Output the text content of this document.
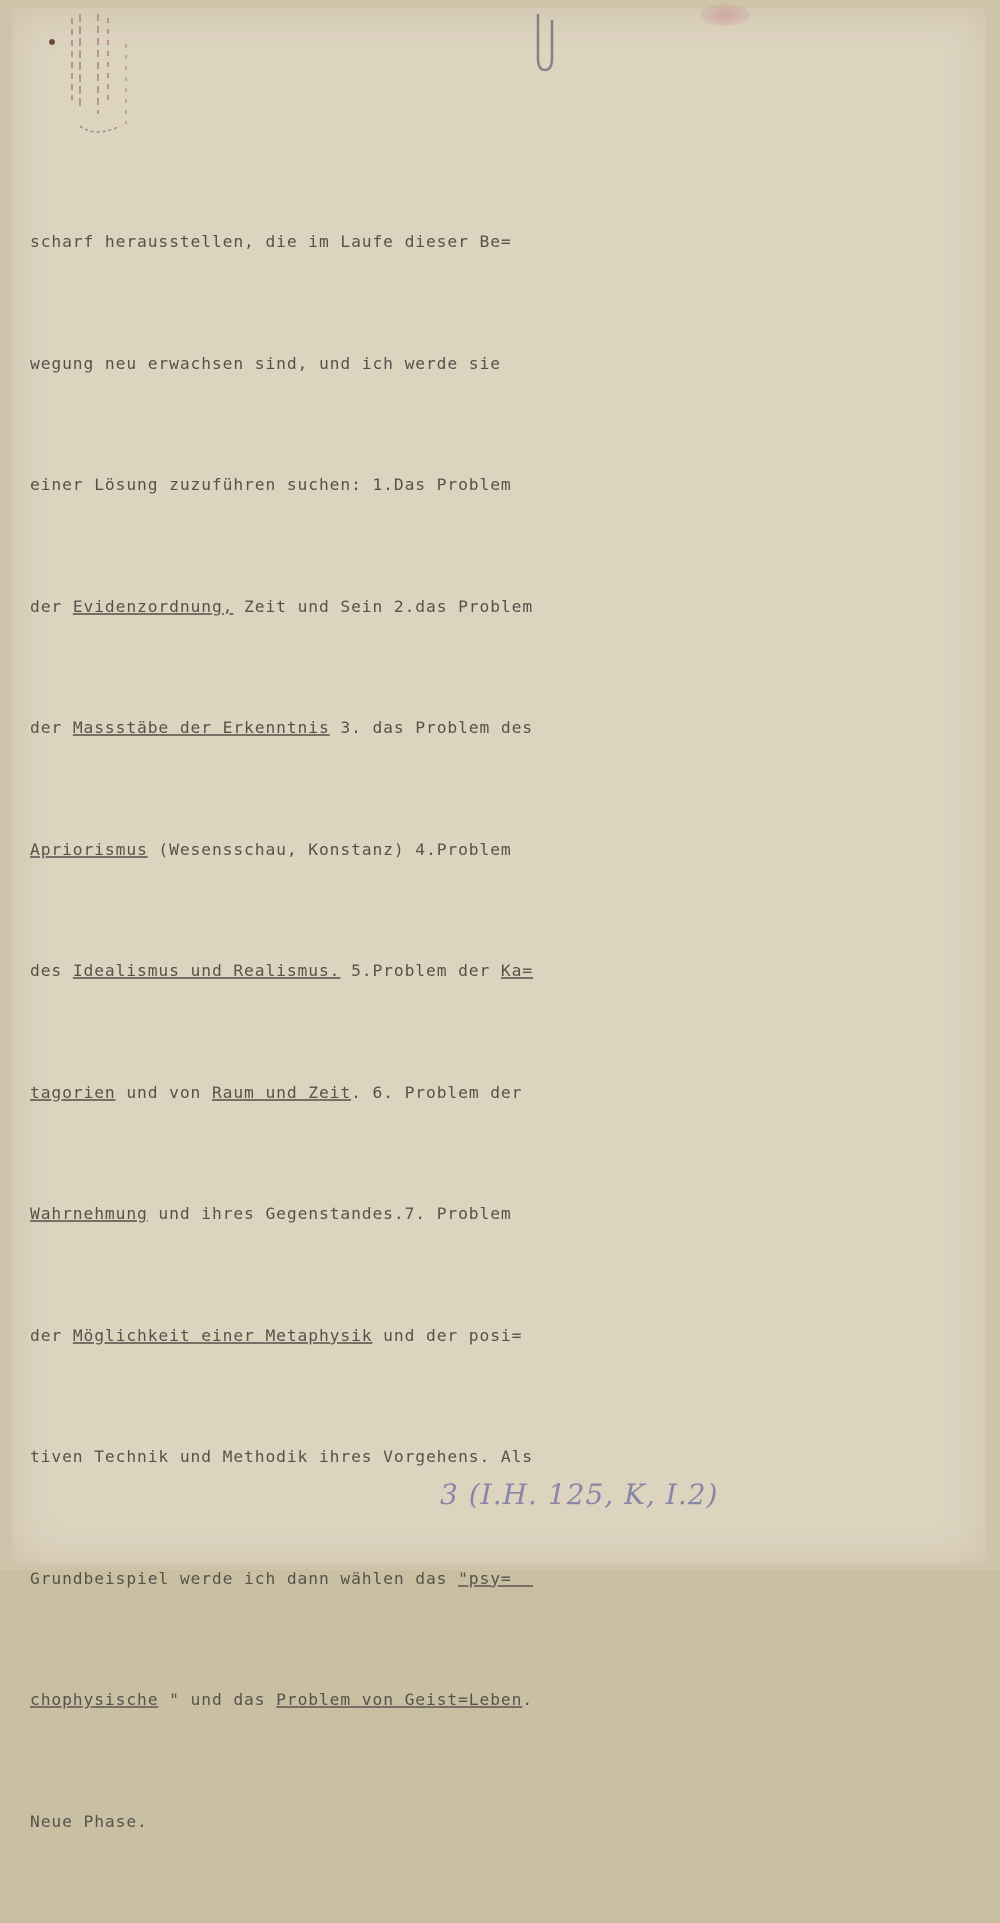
scharf herausstellen, die im Laufe dieser Be=

wegung neu erwachsen sind, und ich werde sie

einer Lösung zuzuführen suchen: 1.Das Problem

der Evidenzordnung, Zeit und Sein 2.das Problem

der Massstäbe der Erkenntnis 3. das Problem des

Apriorismus (Wesensschau, Konstanz) 4.Problem

des Idealismus und Realismus. 5.Problem der Ka=

tagorien und von Raum und Zeit. 6. Problem der

Wahrnehmung und ihres Gegenstandes.7. Problem

der Möglichkeit einer Metaphysik und der posi=

tiven Technik und Methodik ihres Vorgehens. Als

Grundbeispiel werde ich dann wählen das "psy=

chophysische " und das Problem von Geist=Leben.

Neue Phase.

3 (I.H. 125, K, I.2)
